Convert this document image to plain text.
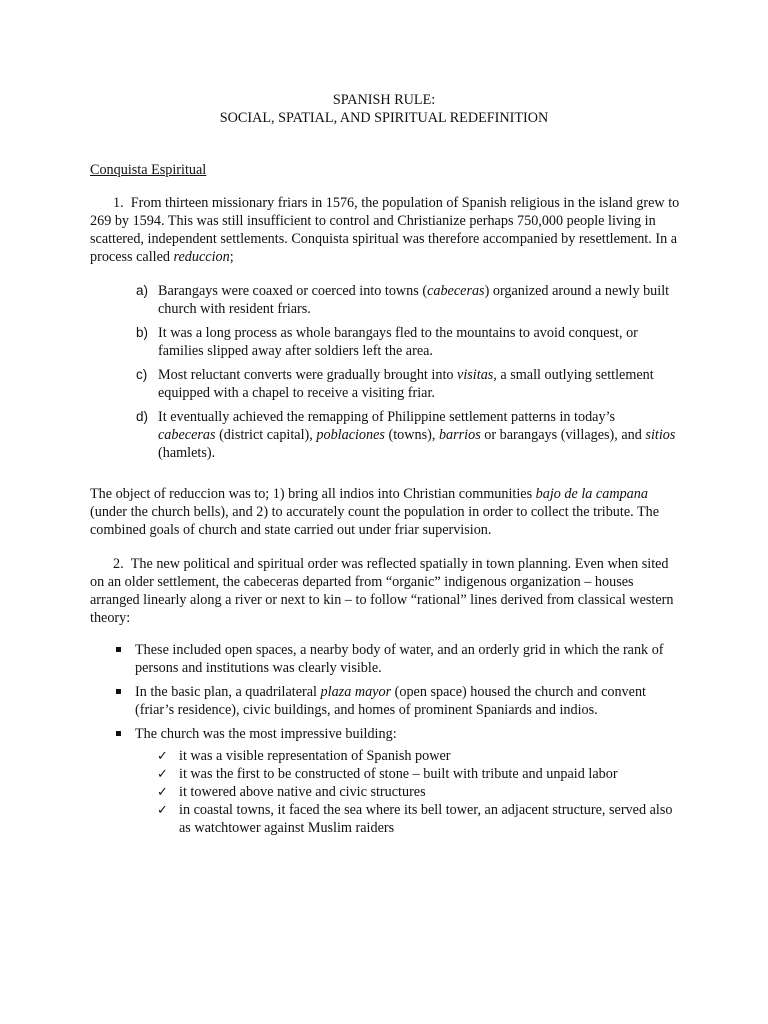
SPANISH RULE:
SOCIAL, SPATIAL, AND SPIRITUAL REDEFINITION
Conquista Espiritual
1. From thirteen missionary friars in 1576, the population of Spanish religious in the island grew to 269 by 1594. This was still insufficient to control and Christianize perhaps 750,000 people living in scattered, independent settlements. Conquista spiritual was therefore accompanied by resettlement. In a process called reduccion;
a) Barangays were coaxed or coerced into towns (cabeceras) organized around a newly built church with resident friars.
b) It was a long process as whole barangays fled to the mountains to avoid conquest, or families slipped away after soldiers left the area.
c) Most reluctant converts were gradually brought into visitas, a small outlying settlement equipped with a chapel to receive a visiting friar.
d) It eventually achieved the remapping of Philippine settlement patterns in today’s cabeceras (district capital), poblaciones (towns), barrios or barangays (villages), and sitios (hamlets).
The object of reduccion was to; 1) bring all indios into Christian communities bajo de la campana (under the church bells), and 2) to accurately count the population in order to collect the tribute. The combined goals of church and state carried out under friar supervision.
2. The new political and spiritual order was reflected spatially in town planning. Even when sited on an older settlement, the cabeceras departed from “organic” indigenous organization – houses arranged linearly along a river or next to kin – to follow “rational” lines derived from classical western theory:
These included open spaces, a nearby body of water, and an orderly grid in which the rank of persons and institutions was clearly visible.
In the basic plan, a quadrilateral plaza mayor (open space) housed the church and convent (friar’s residence), civic buildings, and homes of prominent Spaniards and indios.
The church was the most impressive building:
✓ it was a visible representation of Spanish power
✓ it was the first to be constructed of stone – built with tribute and unpaid labor
✓ it towered above native and civic structures
✓ in coastal towns, it faced the sea where its bell tower, an adjacent structure, served also as watchtower against Muslim raiders
